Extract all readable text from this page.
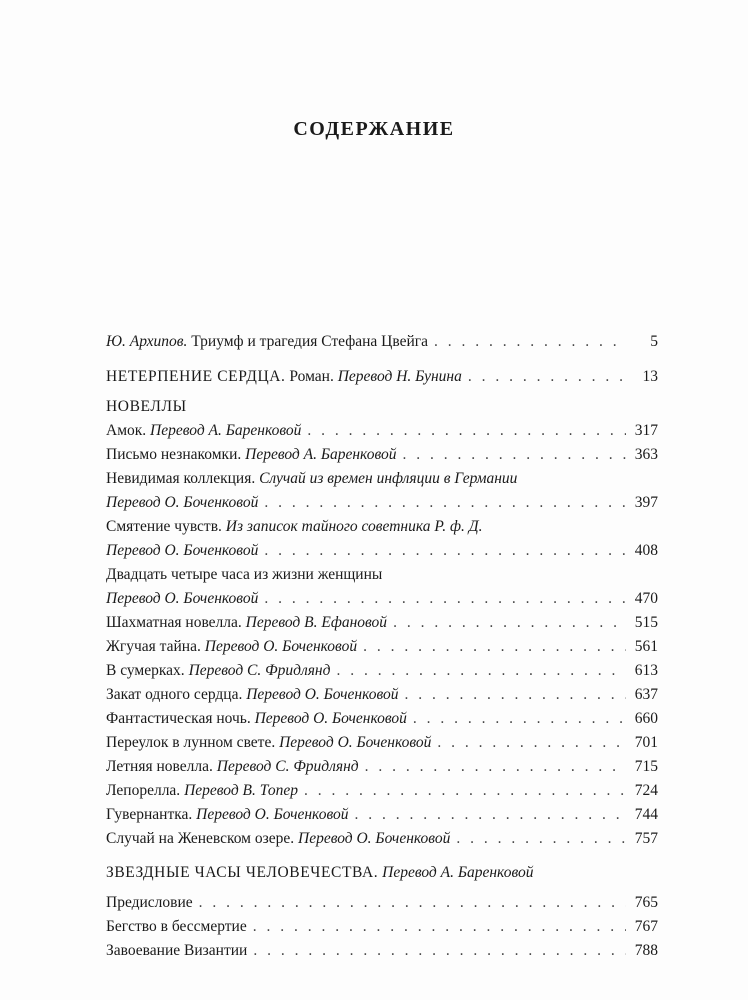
СОДЕРЖАНИЕ
Ю. Архипов. Триумф и трагедия Стефана Цвейга . . .	5
НЕТЕРПЕНИЕ СЕРДЦА. Роман. Перевод Н. Бунина . . .	13
НОВЕЛЛЫ
Амок. Перевод А. Баренковой . . .	317
Письмо незнакомки. Перевод А. Баренковой . . .	363
Невидимая коллекция. Случай из времен инфляции в Германии
Перевод О. Боченковой . . .	397
Смятение чувств. Из записок тайного советника Р. ф. Д.
Перевод О. Боченковой . . .	408
Двадцать четыре часа из жизни женщины
Перевод О. Боченковой . . .	470
Шахматная новелла. Перевод В. Ефановой . . .	515
Жгучая тайна. Перевод О. Боченковой . . .	561
В сумерках. Перевод С. Фридлянд . . .	613
Закат одного сердца. Перевод О. Боченковой . . .	637
Фантастическая ночь. Перевод О. Боченковой . . .	660
Переулок в лунном свете. Перевод О. Боченковой . . .	701
Летняя новелла. Перевод С. Фридлянд . . .	715
Лепорелла. Перевод В. Топер . . .	724
Гувернантка. Перевод О. Боченковой . . .	744
Случай на Женевском озере. Перевод О. Боченковой . . .	757
ЗВЕЗДНЫЕ ЧАСЫ ЧЕЛОВЕЧЕСТВА. Перевод А. Баренковой
Предисловие . . .	765
Бегство в бессмертие . . .	767
Завоевание Византии . . .	788
